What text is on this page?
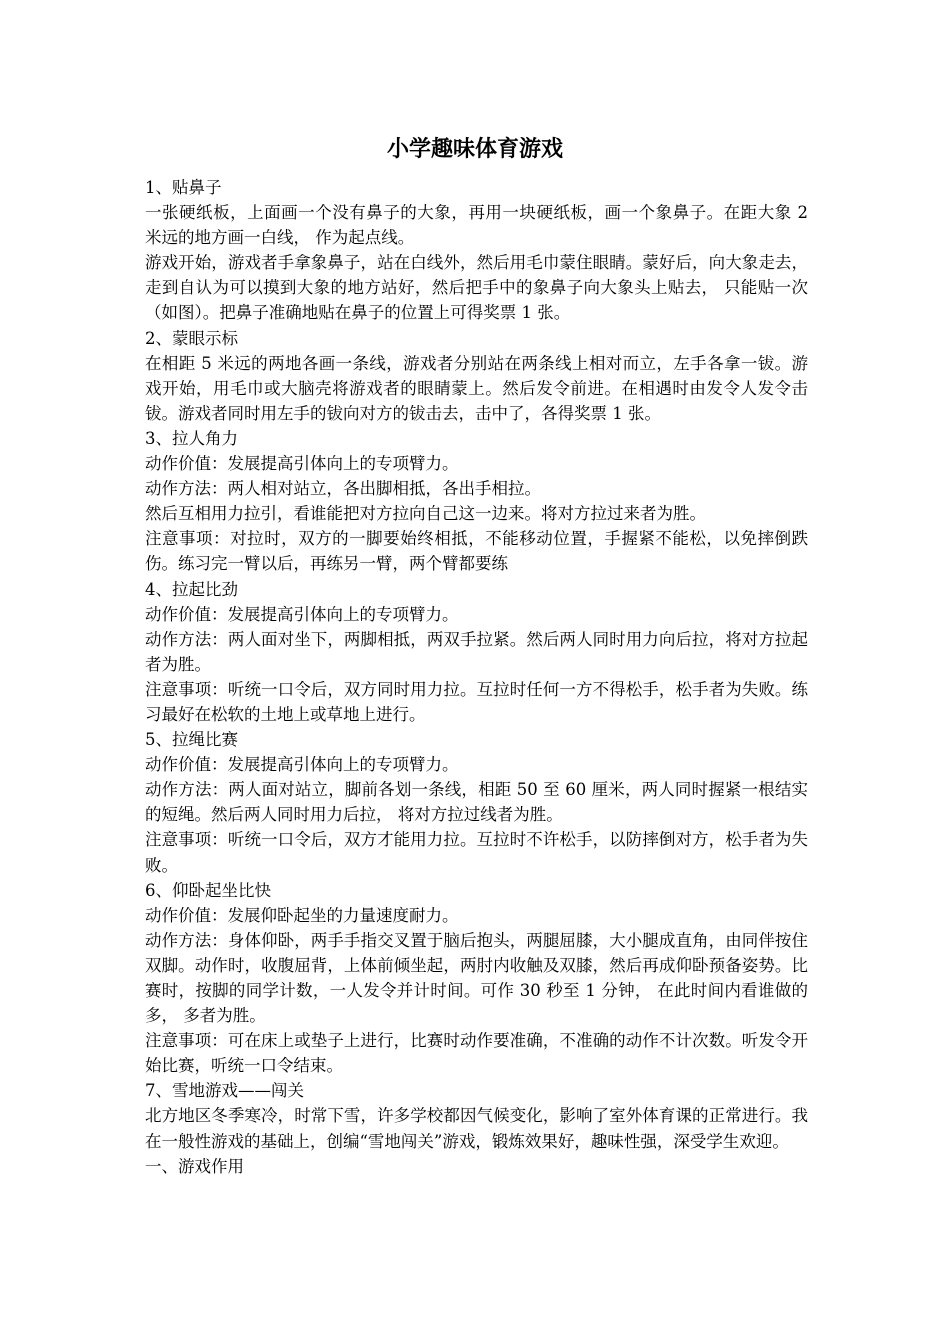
小学趣味体育游戏

1、贴鼻子

一张硬纸板，上面画一个没有鼻子的大象，再用一块硬纸板，画一个象鼻子。在距大象 2 米远的地方画一白线， 作为起点线。

游戏开始，游戏者手拿象鼻子，站在白线外，然后用毛巾蒙住眼睛。蒙好后，向大象走去，走到自认为可以摸到大象的地方站好，然后把手中的象鼻子向大象头上贴去， 只能贴一次（如图）。把鼻子准确地贴在鼻子的位置上可得奖票 1 张。

2、蒙眼示标

在相距 5 米远的两地各画一条线，游戏者分别站在两条线上相对而立，左手各拿一钹。游戏开始，用毛巾或大脑壳将游戏者的眼睛蒙上。然后发令前进。在相遇时由发令人发令击钹。游戏者同时用左手的钹向对方的钹击去，击中了，各得奖票 1 张。

3、拉人角力

动作价值：发展提高引体向上的专项臂力。

动作方法：两人相对站立，各出脚相抵，各出手相拉。

然后互相用力拉引，看谁能把对方拉向自己这一边来。将对方拉过来者为胜。

注意事项：对拉时，双方的一脚要始终相抵，不能移动位置，手握紧不能松，以免摔倒跌伤。练习完一臂以后，再练另一臂，两个臂都要练

4、拉起比劲

动作价值：发展提高引体向上的专项臂力。

动作方法：两人面对坐下，两脚相抵，两双手拉紧。然后两人同时用力向后拉，将对方拉起者为胜。

注意事项：听统一口令后，双方同时用力拉。互拉时任何一方不得松手，松手者为失败。练习最好在松软的土地上或草地上进行。

5、拉绳比赛

动作价值：发展提高引体向上的专项臂力。

动作方法：两人面对站立，脚前各划一条线，相距 50 至 60 厘米，两人同时握紧一根结实的短绳。然后两人同时用力后拉， 将对方拉过线者为胜。

注意事项：听统一口令后，双方才能用力拉。互拉时不许松手，以防摔倒对方，松手者为失败。

6、仰卧起坐比快

动作价值：发展仰卧起坐的力量速度耐力。

动作方法：身体仰卧，两手手指交叉置于脑后抱头，两腿屈膝，大小腿成直角，由同伴按住双脚。动作时，收腹屈背，上体前倾坐起，两肘内收触及双膝，然后再成仰卧预备姿势。比赛时，按脚的同学计数，一人发令并计时间。可作 30 秒至 1 分钟， 在此时间内看谁做的多， 多者为胜。

注意事项：可在床上或垫子上进行，比赛时动作要准确，不准确的动作不计次数。听发令开始比赛，听统一口令结束。

7、雪地游戏——闯关

北方地区冬季寒冷，时常下雪，许多学校都因气候变化，影响了室外体育课的正常进行。我在一般性游戏的基础上，创编“雪地闯关”游戏，锻炼效果好，趣味性强，深受学生欢迎。

一、游戏作用
